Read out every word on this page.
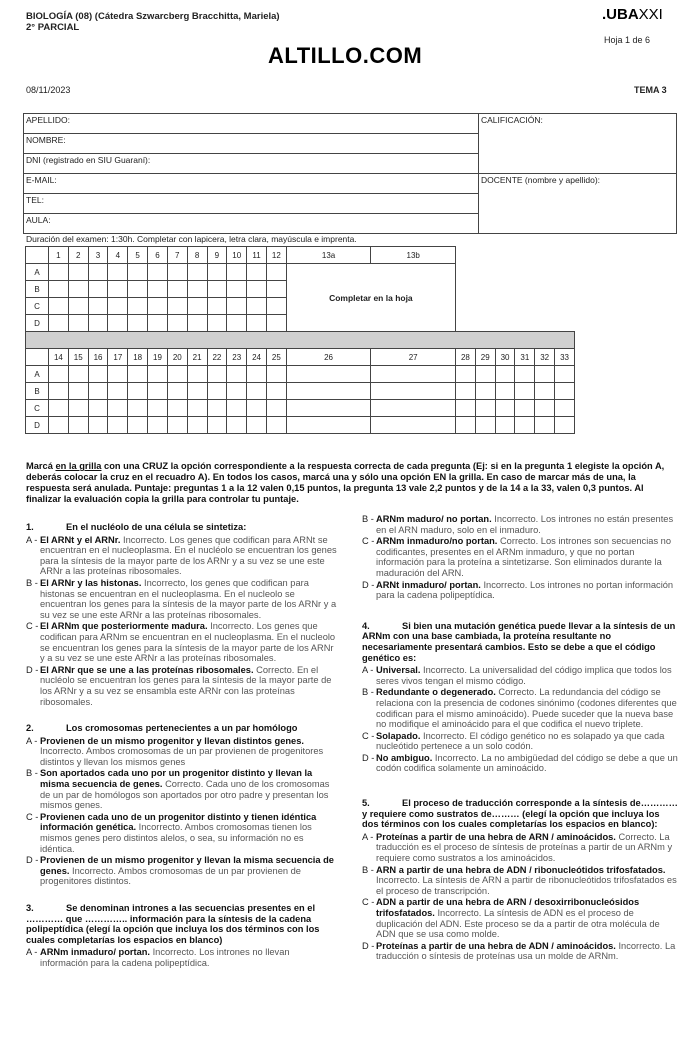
BIOLOGÍA (08) (Cátedra Szwarcberg Bracchitta, Mariela)
2° PARCIAL
.UBAXXI
Hoja 1 de 6
ALTILLO.COM
08/11/2023	TEMA 3
APELLIDO:	CALIFICACIÓN:
NOMBRE:	
DNI (registrado en SIU Guaraní):	
E-MAIL:	DOCENTE (nombre y apellido):
TEL:	
AULA:	
Duración del examen: 1:30h. Completar con lapicera, letra clara, mayúscula e imprenta.
	1	2	3	4	5	6	7	8	9	10	11	12	13a	13b						
A													Completar en la hoja							
B																				
C																				
D																				

	14	15	16	17	18	19	20	21	22	23	24	25	26	27	28	29	30	31	32	33
A																				
B																				
C																				
D																				
Marcá en la grilla con una CRUZ la opción correspondiente a la respuesta correcta de cada pregunta (Ej: si en la pregunta 1 elegiste la opción A, deberás colocar la cruz en el recuadro A). En todos los casos, marcá una y sólo una opción EN la grilla. En caso de marcar más de una, la respuesta será anulada. Puntaje: preguntas 1 a la 12 valen 0,15 puntos, la pregunta 13 vale 2,2 puntos y de la 14 a la 33, valen 0,3 puntos. Al finalizar la evaluación copia la grilla para controlar tu puntaje.
1.	En el nucléolo de una célula se sintetiza:
A - El ARNt y el ARNr. Incorrecto. Los genes que codifican para ARNt se encuentran en el nucleoplasma. En el nucléolo se encuentran los genes para la síntesis de la mayor parte de los ARNr y a su vez se une este ARNr a las proteínas ribosomales.
B - El ARNr y las histonas. Incorrecto, los genes que codifican para histonas se encuentran en el nucleoplasma. En el nucleolo se encuentran los genes para la síntesis de la mayor parte de los ARNr y a su vez se une este ARNr a las proteínas ribosomales.
C - El ARNm que posteriormente madura. Incorrecto. Los genes que codifican para ARNm se encuentran en el nucleoplasma. En el nucleolo se encuentran los genes para la síntesis de la mayor parte de los ARNr y a su vez se une este ARNr a las proteínas ribosomales.
D - El ARNr que se une a las proteínas ribosomales. Correcto. En el nucléolo se encuentran los genes para la síntesis de la mayor parte de los ARNr y a su vez se ensambla este ARNr con las proteínas ribosomales.
2.	Los cromosomas pertenecientes a un par homólogo
A - Provienen de un mismo progenitor y llevan distintos genes. Incorrecto. Ambos cromosomas de un par provienen de progenitores distintos y llevan los mismos genes
B - Son aportados cada uno por un progenitor distinto y llevan la misma secuencia de genes. Correcto. Cada uno de los cromosomas de un par de homólogos son aportados por otro padre y presentan los mismos genes.
C - Provienen cada uno de un progenitor distinto y tienen idéntica información genética. Incorrecto. Ambos cromosomas tienen los mismos genes pero distintos alelos, o sea, su información no es idéntica.
D - Provienen de un mismo progenitor y llevan la misma secuencia de genes. Incorrecto. Ambos cromosomas de un par provienen de progenitores distintos.
3.	Se denominan intrones a las secuencias presentes en el ………… que ………….. información para la síntesis de la cadena polipeptídica (elegí la opción que incluya los dos términos con los cuales completarías los espacios en blanco)
A - ARNm inmaduro/ portan. Incorrecto. Los intrones no llevan información para la cadena polipeptídica.
B - ARNm maduro/ no portan. Incorrecto. Los intrones no están presentes en el ARN maduro, solo en el inmaduro.
C - ARNm inmaduro/no portan. Correcto. Los intrones son secuencias no codificantes, presentes en el ARNm inmaduro, y que no portan información para la proteína a sintetizarse. Son eliminados durante la maduración del ARN.
D - ARNt inmaduro/ portan. Incorrecto. Los intrones no portan información para la cadena polipeptídica.
4.	Si bien una mutación genética puede llevar a la síntesis de un ARNm con una base cambiada, la proteína resultante no necesariamente presentará cambios. Esto se debe a que el código genético es:
A - Universal. Incorrecto. La universalidad del código implica que todos los seres vivos tengan el mismo código.
B - Redundante o degenerado. Correcto. La redundancia del código se relaciona con la presencia de codones sinónimo (codones diferentes que codifican para el mismo aminoácido). Puede suceder que la nueva base no modifique el aminoácido para el que codifica el nuevo triplete.
C - Solapado. Incorrecto. El código genético no es solapado ya que cada nucleótido pertenece a un solo codón.
D - No ambiguo. Incorrecto. La no ambigüedad del código se debe a que un codón codifica solamente un aminoácido.
5.	El proceso de traducción corresponde a la síntesis de…………y requiere como sustratos de……… (elegí la opción que incluya los dos términos con los cuales completarías los espacios en blanco):
A - Proteínas a partir de una hebra de ARN / aminoácidos. Correcto. La traducción es el proceso de síntesis de proteínas a partir de un ARNm y requiere como sustratos a los aminoácidos.
B - ARN a partir de una hebra de ADN / ribonucleótidos trifosfatados. Incorrecto. La síntesis de ARN a partir de ribonucleótidos trifosfatados es el proceso de transcripción.
C - ADN a partir de una hebra de ARN / desoxirribonucleósidos trifosfatados. Incorrecto. La síntesis de ADN es el proceso de duplicación del ADN. Este proceso se da a partir de otra molécula de ADN que se usa como molde.
D - Proteínas a partir de una hebra de ADN / aminoácidos. Incorrecto. La traducción o síntesis de proteínas usa un molde de ARNm.
